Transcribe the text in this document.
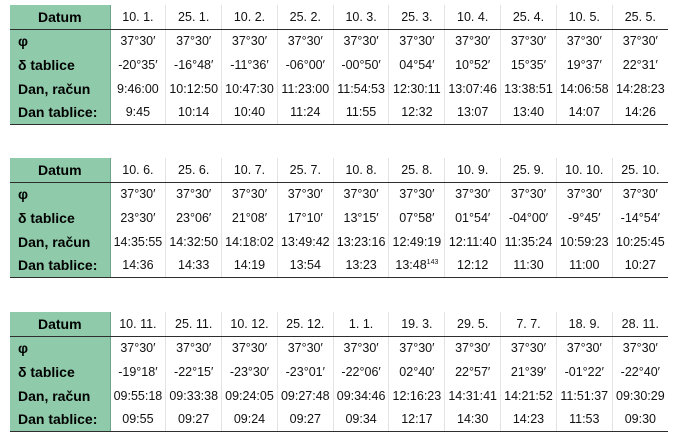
Datum	10. 1.	25. 1.	10. 2.	25. 2.	10. 3.	25. 3.	10. 4.	25. 4.	10. 5.	25. 5.
φ	37°30′	37°30′	37°30′	37°30′	37°30′	37°30′	37°30′	37°30′	37°30′	37°30′
δ tablice	-20°35′	-16°48′	-11°36′	-06°00′	-00°50′	04°54′	10°52′	15°35′	19°37′	22°31′
Dan, račun	9:46:00	10:12:50	10:47:30	11:23:00	11:54:53	12:30:11	13:07:46	13:38:51	14:06:58	14:28:23
Dan tablice:	9:45	10:14	10:40	11:24	11:55	12:32	13:07	13:40	14:07	14:26
Datum	10. 6.	25. 6.	10. 7.	25. 7.	10. 8.	25. 8.	10. 9.	25. 9.	10. 10.	25. 10.
φ	37°30′	37°30′	37°30′	37°30′	37°30′	37°30′	37°30′	37°30′	37°30′	37°30′
δ tablice	23°30′	23°06′	21°08′	17°10′	13°15′	07°58′	01°54′	-04°00′	-9°45′	-14°54′
Dan, račun	14:35:55	14:32:50	14:18:02	13:49:42	13:23:16	12:49:19	12:11:40	11:35:24	10:59:23	10:25:45
Dan tablice:	14:36	14:33	14:19	13:54	13:23	$13:48^{143}$	12:12	11:30	11:00	10:27
Datum	10. 11.	25. 11.	10. 12.	25. 12.	1. 1.	19. 3.	29. 5.	7. 7.	18. 9.	28. 11.
φ	37°30′	37°30′	37°30′	37°30′	37°30′	37°30′	37°30′	37°30′	37°30′	37°30′
δ tablice	-19°18′	-22°15′	-23°30′	-23°01′	-22°06′	02°40′	22°57′	21°39′	-01°22′	-22°40′
Dan, račun	09:55:18	09:33:38	09:24:05	09:27:48	09:34:46	12:16:23	14:31:41	14:21:52	11:51:37	09:30:29
Dan tablice:	09:55	09:27	09:24	09:27	09:34	12:17	14:30	14:23	11:53	09:30
